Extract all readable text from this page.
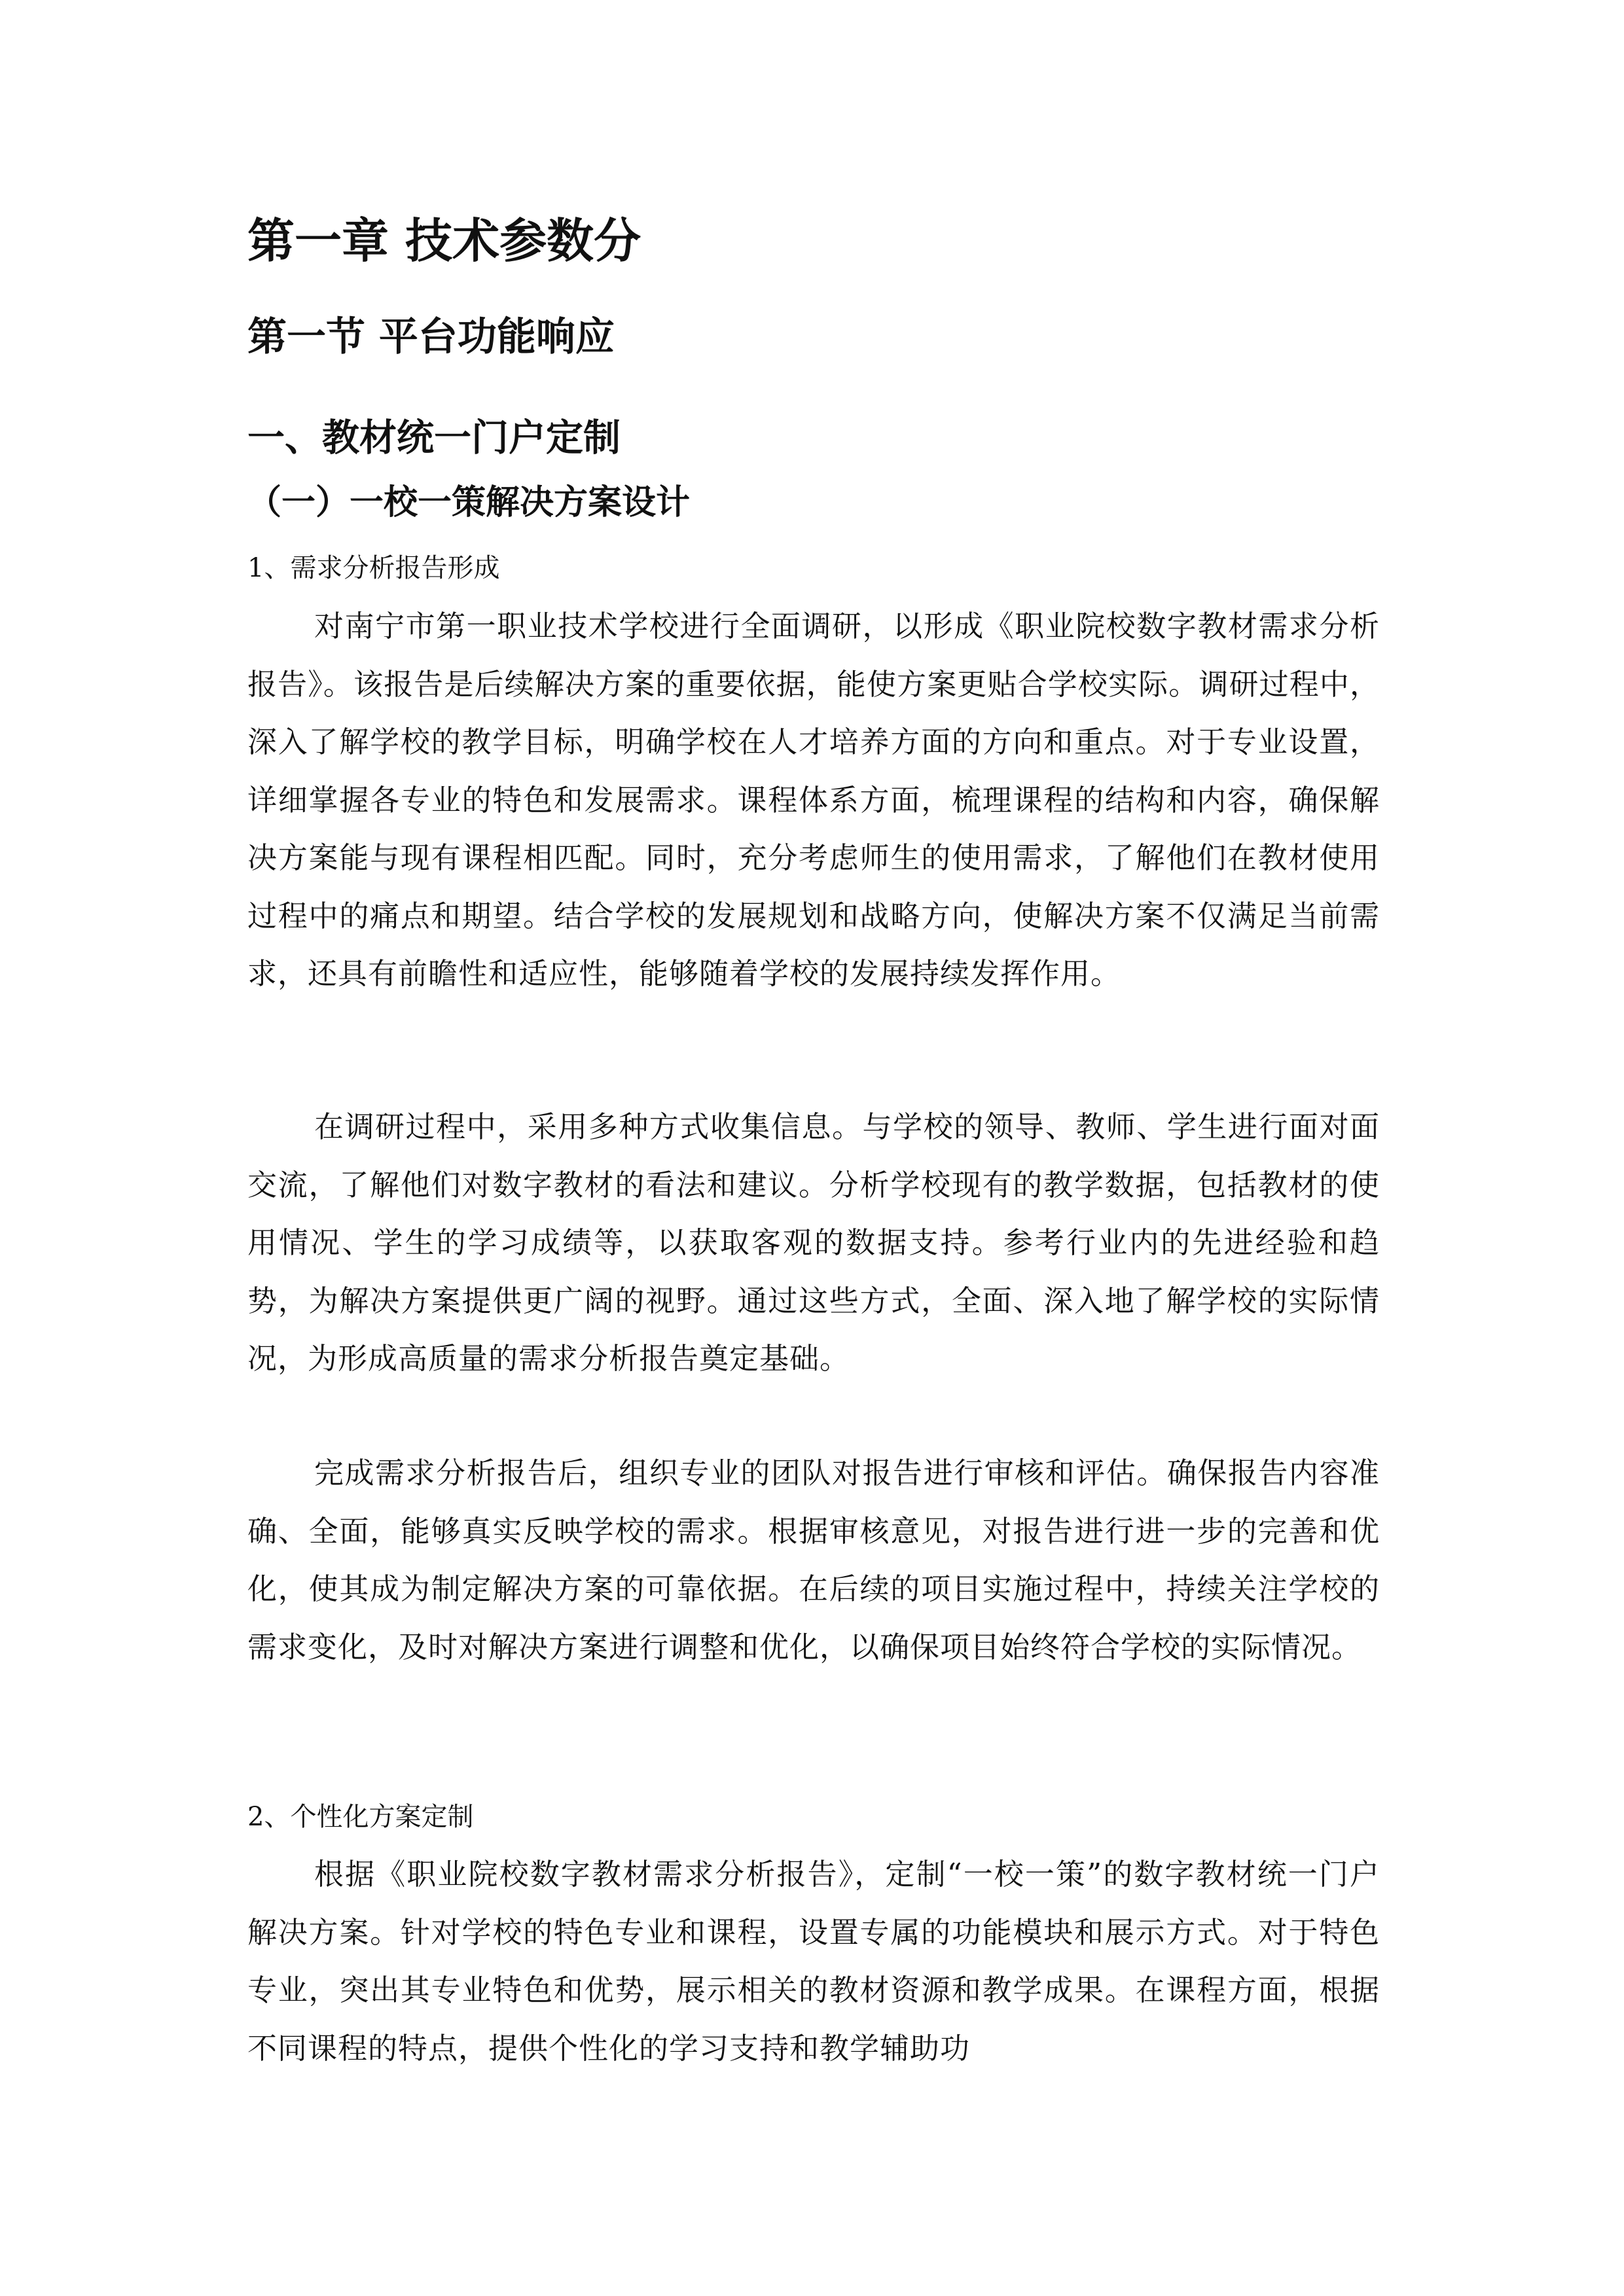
第一章 技术参数分
第一节 平台功能响应
一、教材统一门户定制
（一）一校一策解决方案设计
1、需求分析报告形成

对南宁市第一职业技术学校进行全面调研，以形成《职业院校数字教材需求分析报告》。该报告是后续解决方案的重要依据，能使方案更贴合学校实际。调研过程中，深入了解学校的教学目标，明确学校在人才培养方面的方向和重点。对于专业设置，详细掌握各专业的特色和发展需求。课程体系方面，梳理课程的结构和内容，确保解决方案能与现有课程相匹配。同时，充分考虑师生的使用需求，了解他们在教材使用过程中的痛点和期望。结合学校的发展规划和战略方向，使解决方案不仅满足当前需求，还具有前瞻性和适应性，能够随着学校的发展持续发挥作用。

在调研过程中，采用多种方式收集信息。与学校的领导、教师、学生进行面对面交流，了解他们对数字教材的看法和建议。分析学校现有的教学数据，包括教材的使用情况、学生的学习成绩等，以获取客观的数据支持。参考行业内的先进经验和趋势，为解决方案提供更广阔的视野。通过这些方式，全面、深入地了解学校的实际情况，为形成高质量的需求分析报告奠定基础。

完成需求分析报告后，组织专业的团队对报告进行审核和评估。确保报告内容准确、全面，能够真实反映学校的需求。根据审核意见，对报告进行进一步的完善和优化，使其成为制定解决方案的可靠依据。在后续的项目实施过程中，持续关注学校的需求变化，及时对解决方案进行调整和优化，以确保项目始终符合学校的实际情况。

2、个性化方案定制

根据《职业院校数字教材需求分析报告》，定制“一校一策”的数字教材统一门户解决方案。针对学校的特色专业和课程，设置专属的功能模块和展示方式。对于特色专业，突出其专业特色和优势，展示相关的教材资源和教学成果。在课程方面，根据不同课程的特点，提供个性化的学习支持和教学辅助功
